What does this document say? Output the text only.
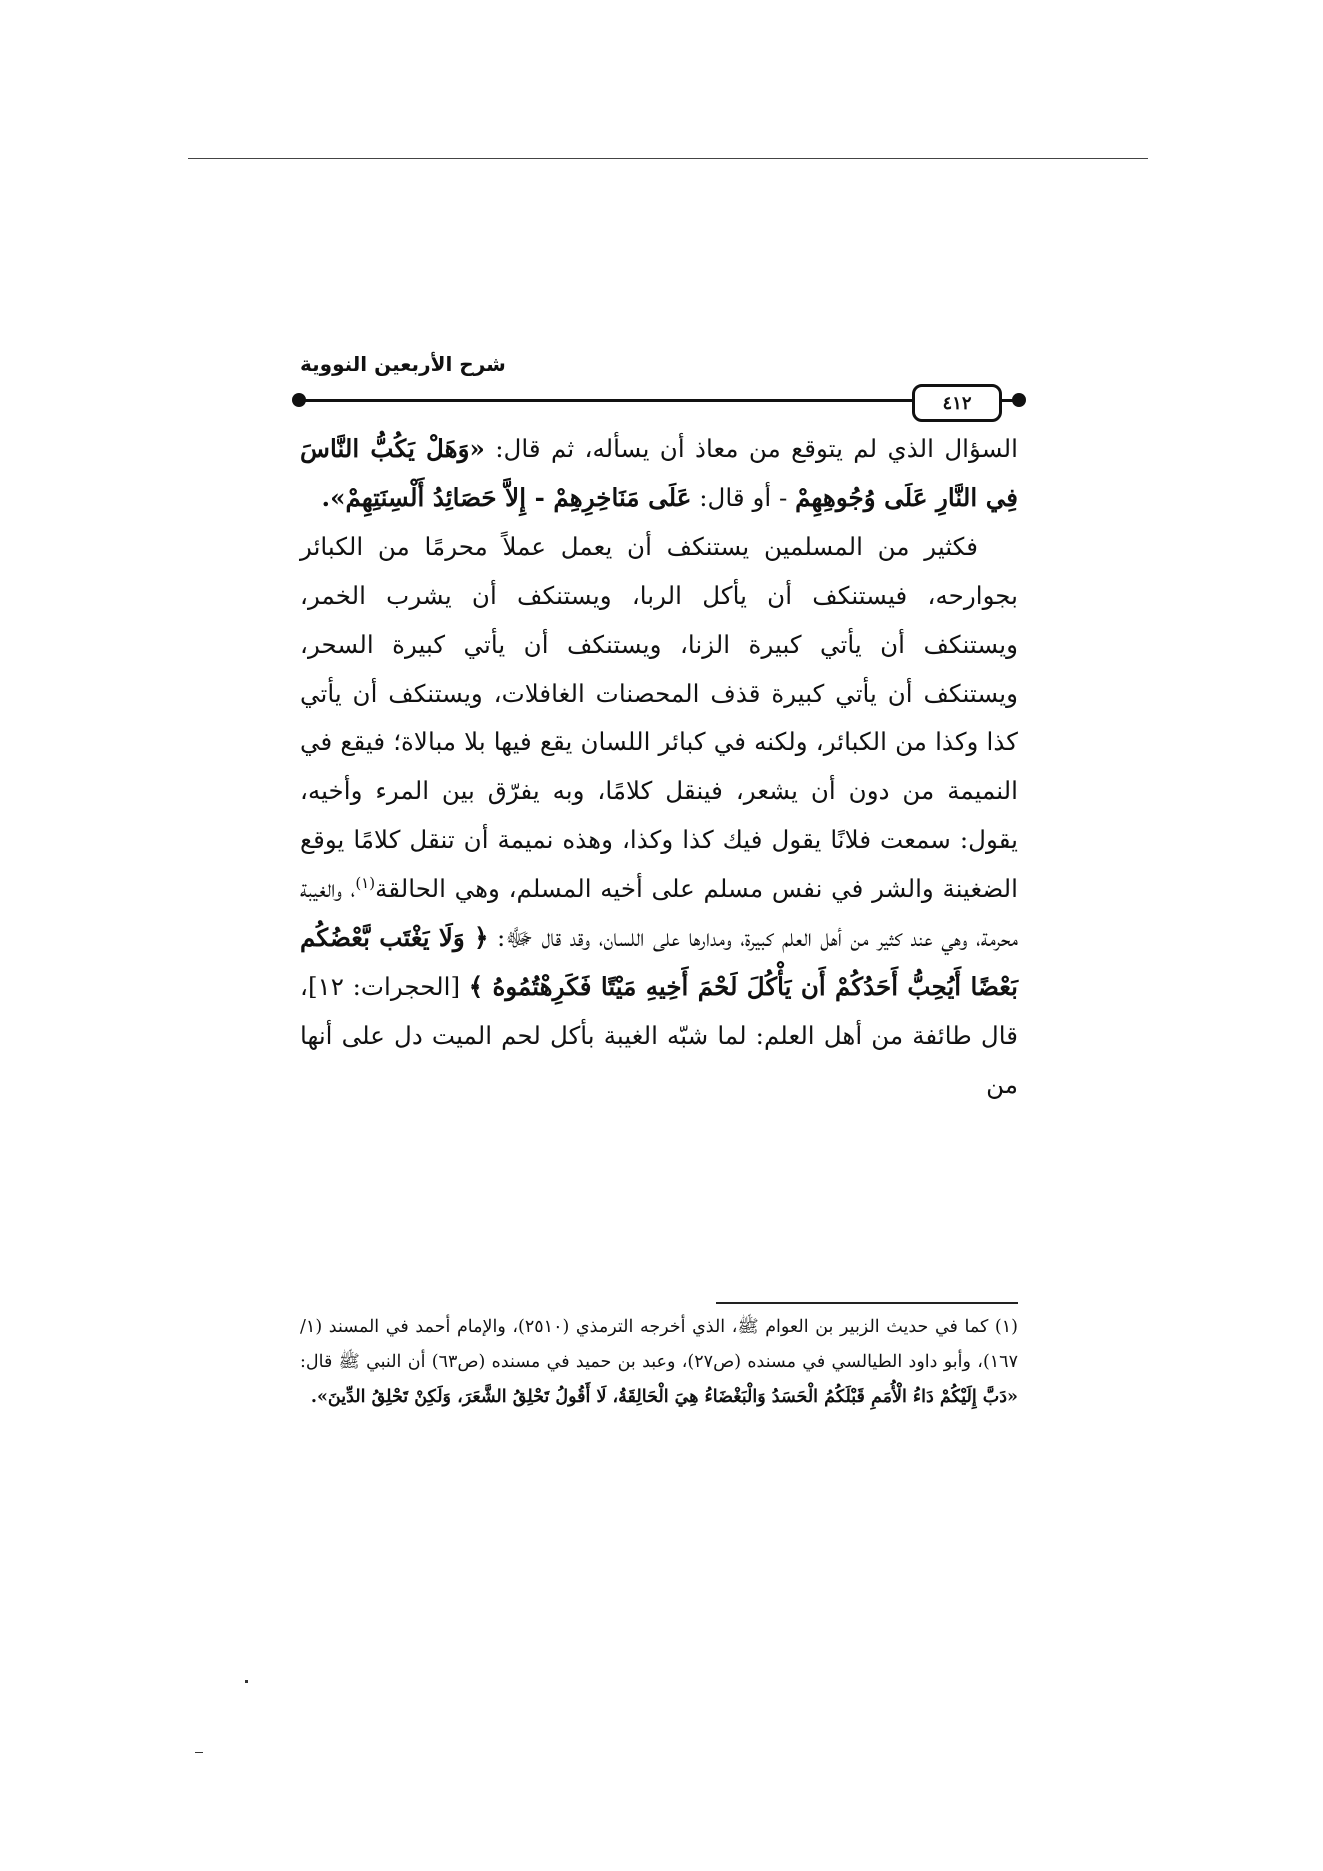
شرح الأربعين النووية
٤١٢

السؤال الذي لم يتوقع من معاذ أن يسأله، ثم قال: «وَهَلْ يَكُبُّ النَّاسَ فِي النَّارِ عَلَى وُجُوهِهِمْ - أو قال: عَلَى مَنَاخِرِهِمْ - إِلاَّ حَصَائِدُ أَلْسِنَتِهِمْ».

فكثير من المسلمين يستنكف أن يعمل عملاً محرمًا من الكبائر بجوارحه، فيستنكف أن يأكل الربا، ويستنكف أن يشرب الخمر، ويستنكف أن يأتي كبيرة الزنا، ويستنكف أن يأتي كبيرة السحر، ويستنكف أن يأتي كبيرة قذف المحصنات الغافلات، ويستنكف أن يأتي كذا وكذا من الكبائر، ولكنه في كبائر اللسان يقع فيها بلا مبالاة؛ فيقع في النميمة من دون أن يشعر، فينقل كلامًا، وبه يفرّق بين المرء وأخيه، يقول: سمعت فلانًا يقول فيك كذا وكذا، وهذه نميمة أن تنقل كلامًا يوقع الضغينة والشر في نفس مسلم على أخيه المسلم، وهي الحالقة$^{(١)}$، والغيبة محرمة، وهي عند كثير من أهل العلم كبيرة، ومدارها على اللسان، وقد قال ﷻ: ﴿ وَلَا يَغْتَب بَّعْضُكُم بَعْضًا أَيُحِبُّ أَحَدُكُمْ أَن يَأْكُلَ لَحْمَ أَخِيهِ مَيْتًا فَكَرِهْتُمُوهُ ﴾ [الحجرات: ١٢]، قال طائفة من أهل العلم: لما شبّه الغيبة بأكل لحم الميت دل على أنها من

(١) كما في حديث الزبير بن العوام ﷺ، الذي أخرجه الترمذي (٢٥١٠)، والإمام أحمد في المسند (١/ ١٦٧)، وأبو داود الطيالسي في مسنده (ص٢٧)، وعبد بن حميد في مسنده (ص٦٣) أن النبي ﷺ قال: «دَبَّ إِلَيْكُمْ دَاءُ الْأُمَمِ قَبْلَكُمُ الْحَسَدُ وَالْبَغْضَاءُ هِيَ الْحَالِقَةُ، لَا أَقُولُ تَحْلِقُ الشَّعَرَ، وَلَكِنْ تَحْلِقُ الدِّينَ».
